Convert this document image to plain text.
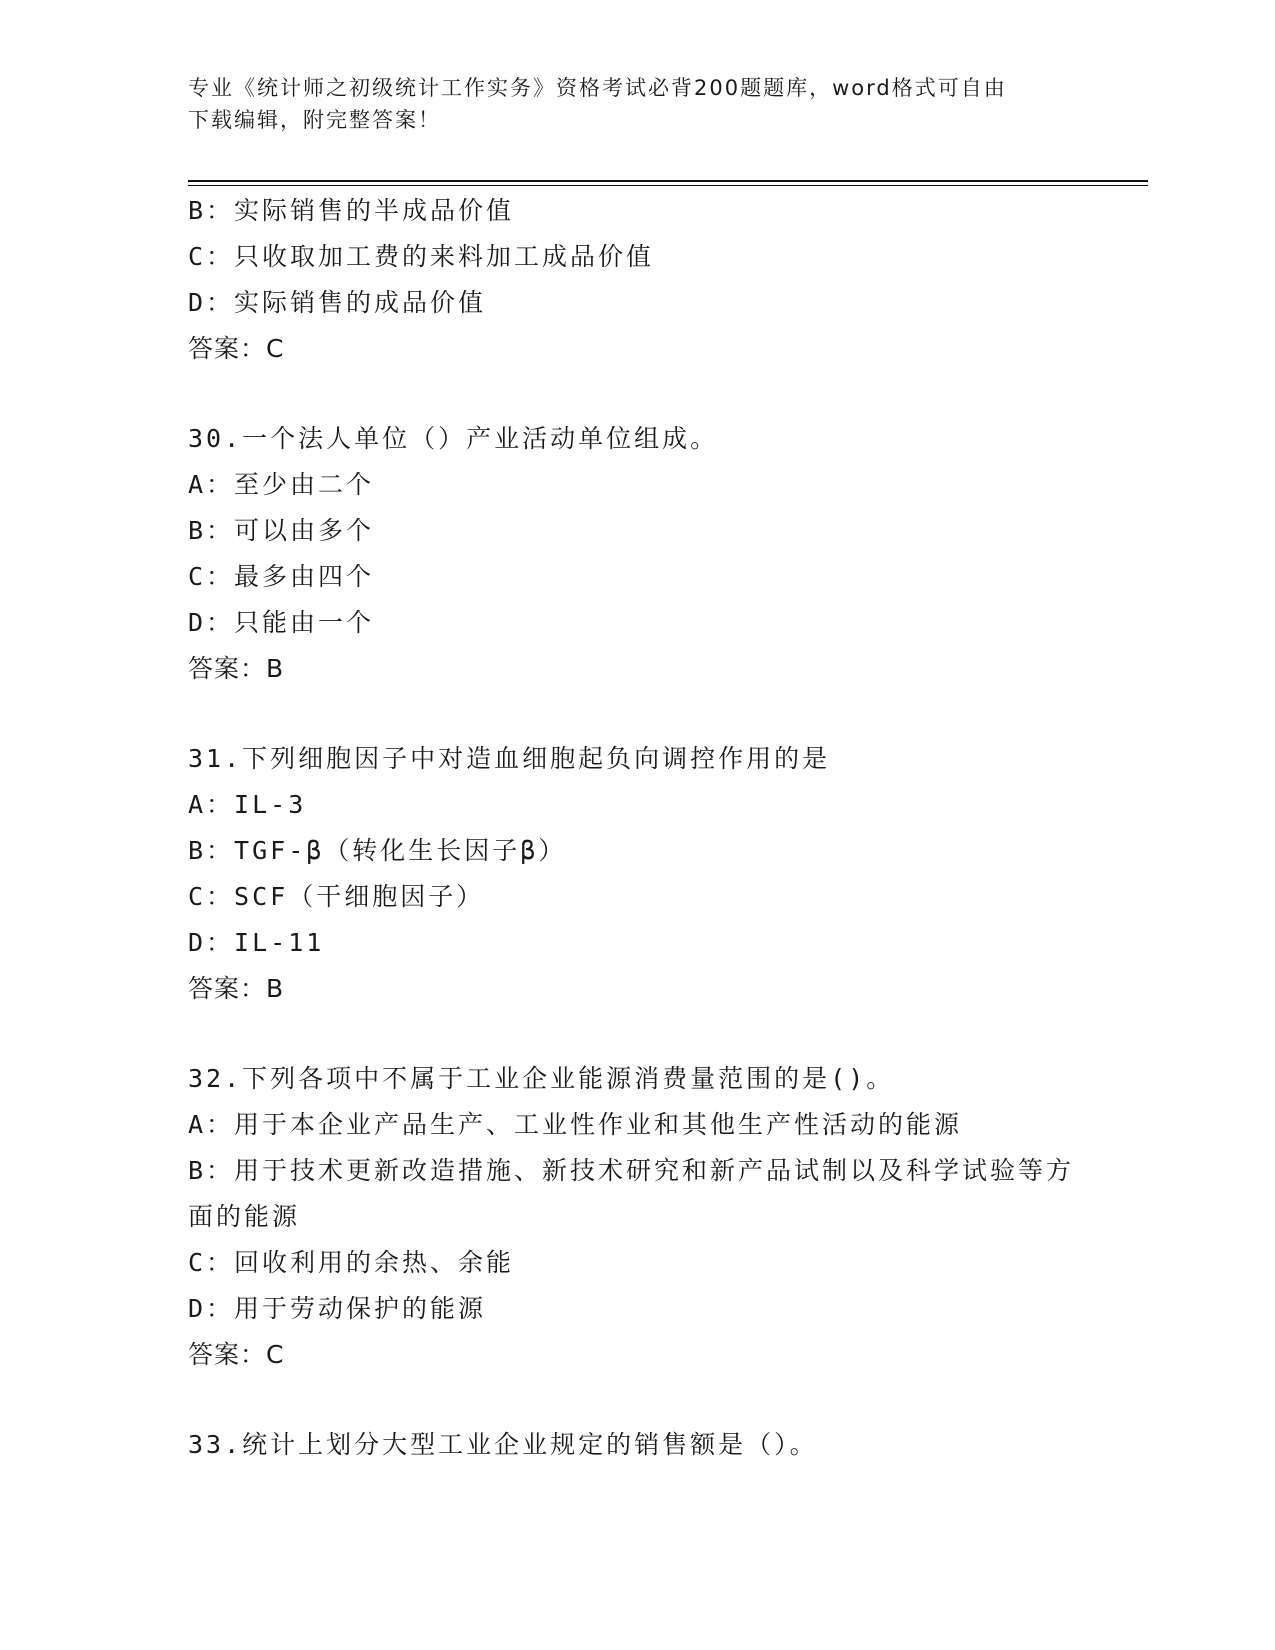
专业《统计师之初级统计工作实务》资格考试必背200题题库，word格式可自由
下载编辑，附完整答案！
B：实际销售的半成品价值
C：只收取加工费的来料加工成品价值
D：实际销售的成品价值
答案：C
30.一个法人单位（）产业活动单位组成。
A：至少由二个
B：可以由多个
C：最多由四个
D：只能由一个
答案：B
31.下列细胞因子中对造血细胞起负向调控作用的是
A：IL-3
B：TGF-β（转化生长因子β）
C：SCF（干细胞因子）
D：IL-11
答案：B
32.下列各项中不属于工业企业能源消费量范围的是()。
A：用于本企业产品生产、工业性作业和其他生产性活动的能源
B：用于技术更新改造措施、新技术研究和新产品试制以及科学试验等方面的能源
C：回收利用的余热、余能
D：用于劳动保护的能源
答案：C
33.统计上划分大型工业企业规定的销售额是（）。
